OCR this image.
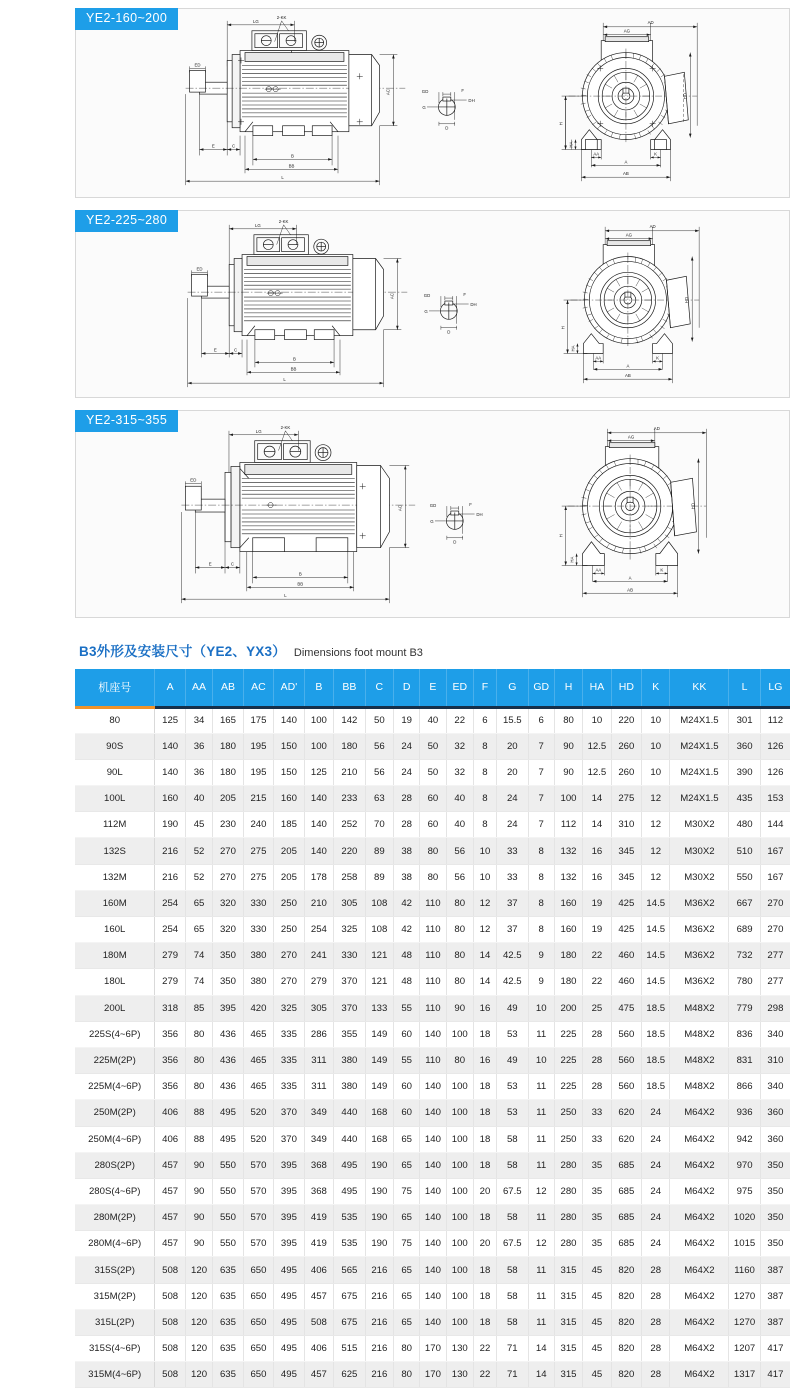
YE2-160~200	LG
2-KK
ED
AC
E	C
B
BB
L
F
DH
D
GD
G
AD
AG
HD
H
HA
AA	K
A
AB
YE2-225~280	LG
2-KK
ED
AC
E	C
B
BB
L
F
DH
D
GD
G
AD
AG
HD
H
HA
AA	K
A
AB
YE2-315~355
LG
2-KK
ED
AC
E	C
B
BB
L
F
DH
D
GD
G
AD
AG
HD
H
HA
AA	K
A
AB
B3外形及安装尺寸（YE2、YX3） Dimensions foot mount B3
机座号	A	AA	AB	AC	AD'	B	BB	C	D	E	ED	F	G	GD	H	HA	HD	K	KK	L	LG
80	125	34	165	175	140	100	142	50	19	40	22	6	15.5	6	80	10	220	10	M24X1.5	301	112
90S	140	36	180	195	150	100	180	56	24	50	32	8	20	7	90	12.5	260	10	M24X1.5	360	126
90L	140	36	180	195	150	125	210	56	24	50	32	8	20	7	90	12.5	260	10	M24X1.5	390	126
100L	160	40	205	215	160	140	233	63	28	60	40	8	24	7	100	14	275	12	M24X1.5	435	153
112M	190	45	230	240	185	140	252	70	28	60	40	8	24	7	112	14	310	12	M30X2	480	144
132S	216	52	270	275	205	140	220	89	38	80	56	10	33	8	132	16	345	12	M30X2	510	167
132M	216	52	270	275	205	178	258	89	38	80	56	10	33	8	132	16	345	12	M30X2	550	167
160M	254	65	320	330	250	210	305	108	42	110	80	12	37	8	160	19	425	14.5	M36X2	667	270
160L	254	65	320	330	250	254	325	108	42	110	80	12	37	8	160	19	425	14.5	M36X2	689	270
180M	279	74	350	380	270	241	330	121	48	110	80	14	42.5	9	180	22	460	14.5	M36X2	732	277
180L	279	74	350	380	270	279	370	121	48	110	80	14	42.5	9	180	22	460	14.5	M36X2	780	277
200L	318	85	395	420	325	305	370	133	55	110	90	16	49	10	200	25	475	18.5	M48X2	779	298
225S(4~6P)	356	80	436	465	335	286	355	149	60	140	100	18	53	11	225	28	560	18.5	M48X2	836	340
225M(2P)	356	80	436	465	335	311	380	149	55	110	80	16	49	10	225	28	560	18.5	M48X2	831	310
225M(4~6P)	356	80	436	465	335	311	380	149	60	140	100	18	53	11	225	28	560	18.5	M48X2	866	340
250M(2P)	406	88	495	520	370	349	440	168	60	140	100	18	53	11	250	33	620	24	M64X2	936	360
250M(4~6P)	406	88	495	520	370	349	440	168	65	140	100	18	58	11	250	33	620	24	M64X2	942	360
280S(2P)	457	90	550	570	395	368	495	190	65	140	100	18	58	11	280	35	685	24	M64X2	970	350
280S(4~6P)	457	90	550	570	395	368	495	190	75	140	100	20	67.5	12	280	35	685	24	M64X2	975	350
280M(2P)	457	90	550	570	395	419	535	190	65	140	100	18	58	11	280	35	685	24	M64X2	1020	350
280M(4~6P)	457	90	550	570	395	419	535	190	75	140	100	20	67.5	12	280	35	685	24	M64X2	1015	350
315S(2P)	508	120	635	650	495	406	565	216	65	140	100	18	58	11	315	45	820	28	M64X2	1160	387
315M(2P)	508	120	635	650	495	457	675	216	65	140	100	18	58	11	315	45	820	28	M64X2	1270	387
315L(2P)	508	120	635	650	495	508	675	216	65	140	100	18	58	11	315	45	820	28	M64X2	1270	387
315S(4~6P)	508	120	635	650	495	406	515	216	80	170	130	22	71	14	315	45	820	28	M64X2	1207	417
315M(4~6P)	508	120	635	650	495	457	625	216	80	170	130	22	71	14	315	45	820	28	M64X2	1317	417
